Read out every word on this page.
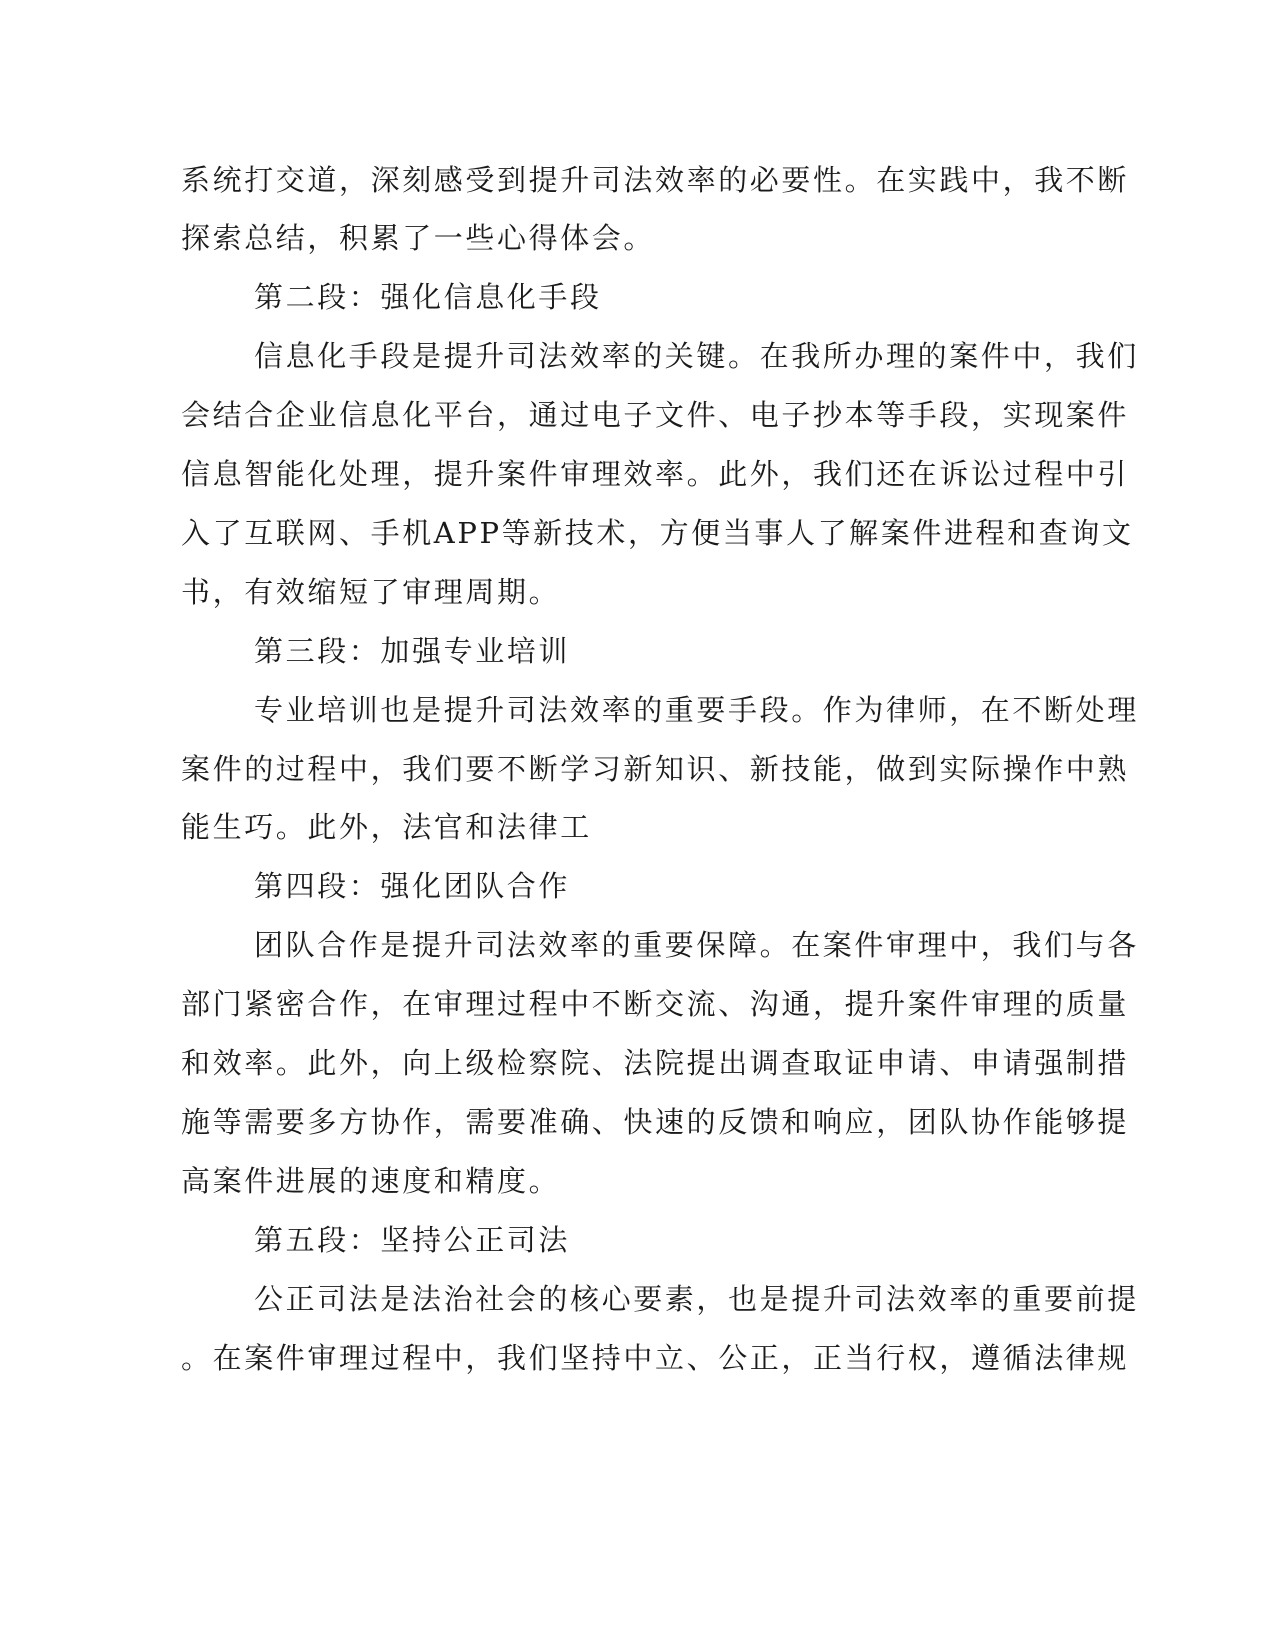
系统打交道，深刻感受到提升司法效率的必要性。在实践中，我不断
探索总结，积累了一些心得体会。
第二段：强化信息化手段
信息化手段是提升司法效率的关键。在我所办理的案件中，我们
会结合企业信息化平台，通过电子文件、电子抄本等手段，实现案件
信息智能化处理，提升案件审理效率。此外，我们还在诉讼过程中引
入了互联网、手机APP等新技术，方便当事人了解案件进程和查询文
书，有效缩短了审理周期。
第三段：加强专业培训
专业培训也是提升司法效率的重要手段。作为律师，在不断处理
案件的过程中，我们要不断学习新知识、新技能，做到实际操作中熟
能生巧。此外，法官和法律工
第四段：强化团队合作
团队合作是提升司法效率的重要保障。在案件审理中，我们与各
部门紧密合作，在审理过程中不断交流、沟通，提升案件审理的质量
和效率。此外，向上级检察院、法院提出调查取证申请、申请强制措
施等需要多方协作，需要准确、快速的反馈和响应，团队协作能够提
高案件进展的速度和精度。
第五段：坚持公正司法
公正司法是法治社会的核心要素，也是提升司法效率的重要前提
。在案件审理过程中，我们坚持中立、公正，正当行权，遵循法律规
